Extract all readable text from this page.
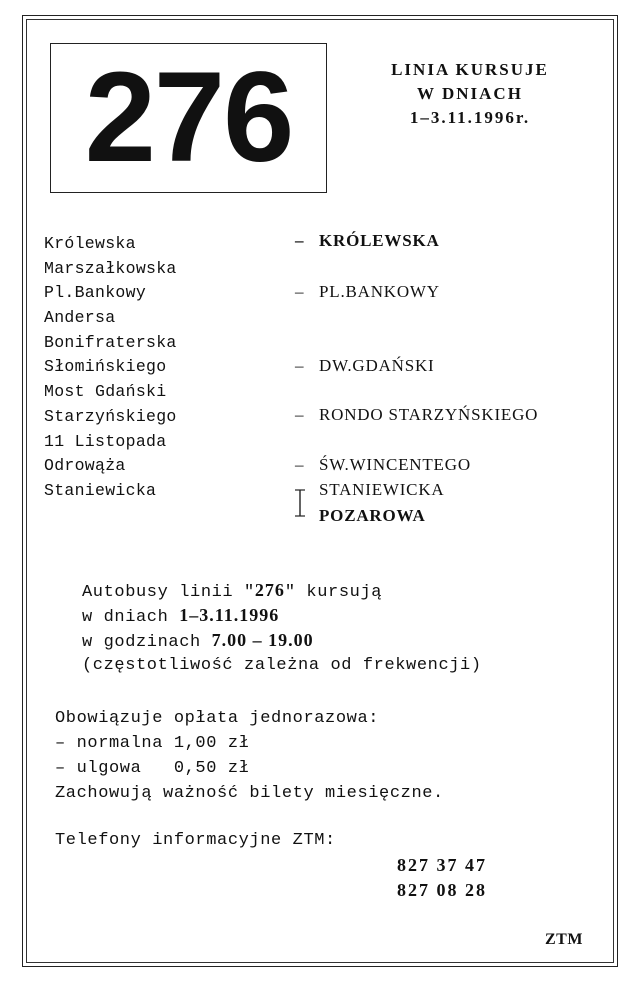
276	LINIA KURSUJE
W DNIACH
1–3.11.1996r.
Królewska
Marszałkowska
Pl.Bankowy
Andersa
Bonifraterska
Słomińskiego
Most Gdański
Starzyńskiego
11 Listopada
Odrowąża
Staniewicka
– KRÓLEWSKA
– PL.BANKOWY
– DW.GDAŃSKI
– RONDO STARZYŃSKIEGO
– ŚW.WINCENTEGO
STANIEWICKA
POZAROWA
Autobusy linii "276" kursują
w dniach 1–3.11.1996
w godzinach 7.00 – 19.00
(częstotliwość zależna od frekwencji)
Obowiązuje opłata jednorazowa:
– normalna 1,00 zł
– ulgowa   0,50 zł
Zachowują ważność bilety miesięczne.
Telefony informacyjne ZTM:
827 37 47
827 08 28
ZTM
